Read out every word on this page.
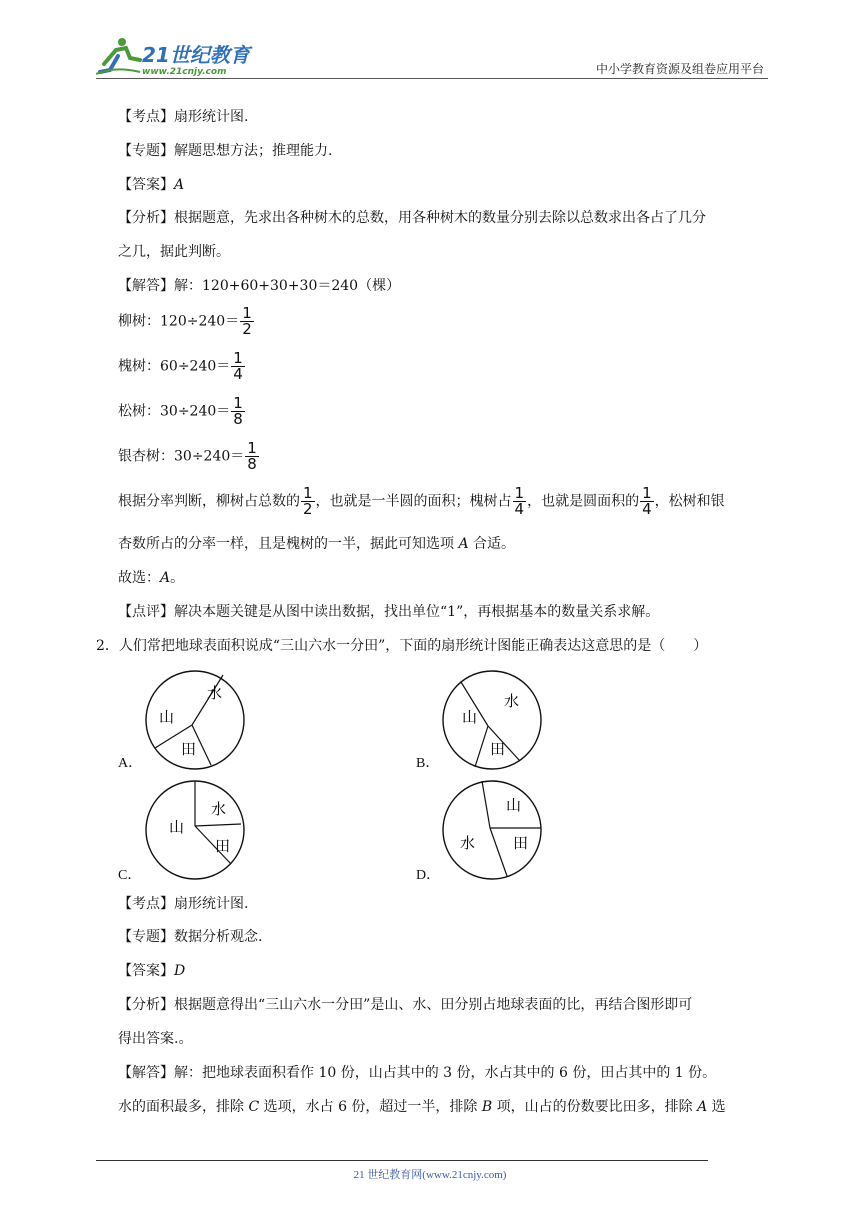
21世纪教育
www.21cnjy.com	中小学教育资源及组卷应用平台
【考点】扇形统计图.
【专题】解题思想方法；推理能力.
【答案】A
【分析】根据题意，先求出各种树木的总数，用各种树木的数量分别去除以总数求出各占了几分
之几，据此判断。
【解答】解：120+60+30+30＝240（棵）
柳树：$120\div 240= \frac{1}{2}$
槐树：$60\div 240= \frac{1}{4}$
松树：$30\div 240= \frac{1}{8}$
银杏树：$30\div 240= \frac{1}{8}$
根据分率判断，柳树占总数的 $\frac{1}{2}$ ，也就是一半圆的面积；槐树占 $\frac{1}{4}$ ，也就是圆面积的 $\frac{1}{4}$ ，松树和银
杏数所占的分率一样，且是槐树的一半，据此可知选项 A 合适。
故选：A。
【点评】解决本题关键是从图中读出数据，找出单位“1”，再根据基本的数量关系求解。
2．人们常把地球表面积说成“三山六水一分田”，下面的扇形统计图能正确表达这意思的是（　　）
山
水
田
A．
山
水
田
B．
山
水
田
C．
山
水	田
D．
【考点】扇形统计图.
【专题】数据分析观念.
【答案】D
【分析】根据题意得出“三山六水一分田”是山、水、田分别占地球表面的比，再结合图形即可
得出答案.。
【解答】解：把地球表面积看作 10 份，山占其中的 3 份，水占其中的 6 份，田占其中的 1 份。
水的面积最多，排除 C 选项，水占 6 份，超过一半，排除 B 项，山占的份数要比田多，排除 A 选
21 世纪教育网(www.21cnjy.com)
